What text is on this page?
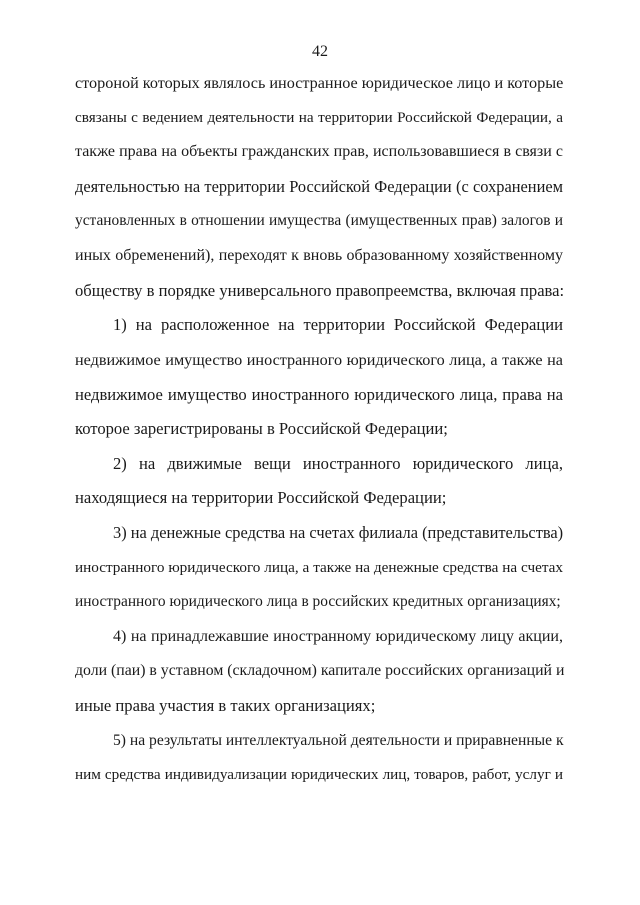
42
стороной которых являлось иностранное юридическое лицо и которые
связаны с ведением деятельности на территории Российской Федерации, а
также права на объекты гражданских прав, использовавшиеся в связи с
деятельностью на территории Российской Федерации (с сохранением
установленных в отношении имущества (имущественных прав) залогов и
иных обременений), переходят к вновь образованному хозяйственному
обществу в порядке универсального правопреемства, включая права:
1) на расположенное на территории Российской Федерации
недвижимое имущество иностранного юридического лица, а также на
недвижимое имущество иностранного юридического лица, права на
которое зарегистрированы в Российской Федерации;
2) на движимые вещи иностранного юридического лица,
находящиеся на территории Российской Федерации;
3) на денежные средства на счетах филиала (представительства)
иностранного юридического лица, а также на денежные средства на счетах
иностранного юридического лица в российских кредитных организациях;
4) на принадлежавшие иностранному юридическому лицу акции,
доли (паи) в уставном (складочном) капитале российских организаций и
иные права участия в таких организациях;
5) на результаты интеллектуальной деятельности и приравненные к
ним средства индивидуализации юридических лиц, товаров, работ, услуг и
